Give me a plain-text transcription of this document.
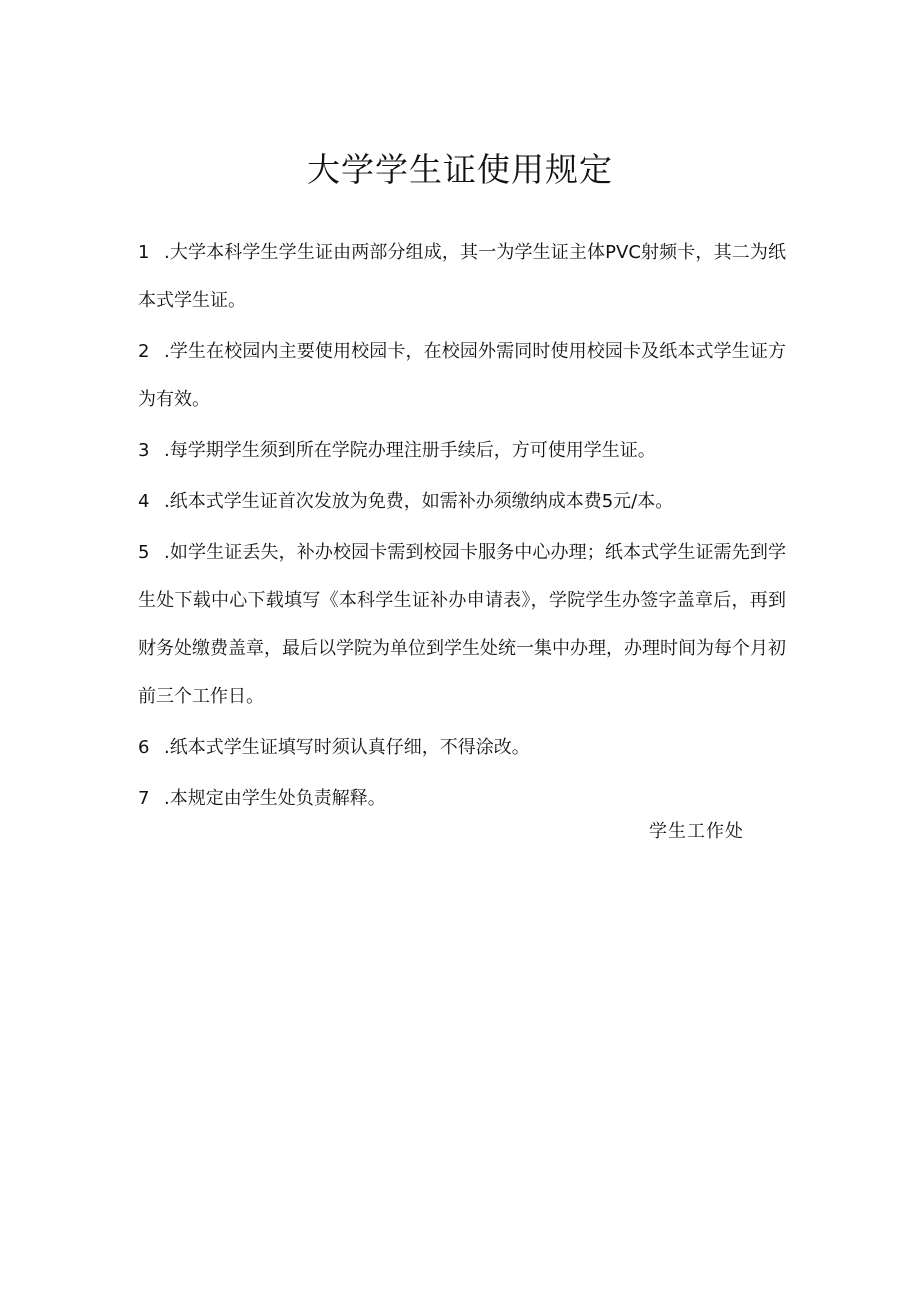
大学学生证使用规定
1 .大学本科学生学生证由两部分组成，其一为学生证主体PVC射频卡，其二为纸本式学生证。
2 .学生在校园内主要使用校园卡，在校园外需同时使用校园卡及纸本式学生证方为有效。
3 .每学期学生须到所在学院办理注册手续后，方可使用学生证。
4 .纸本式学生证首次发放为免费，如需补办须缴纳成本费5元/本。
5 .如学生证丢失，补办校园卡需到校园卡服务中心办理；纸本式学生证需先到学生处下载中心下载填写《本科学生证补办申请表》，学院学生办签字盖章后，再到财务处缴费盖章，最后以学院为单位到学生处统一集中办理，办理时间为每个月初前三个工作日。
6 .纸本式学生证填写时须认真仔细，不得涂改。
7 .本规定由学生处负责解释。

学生工作处
